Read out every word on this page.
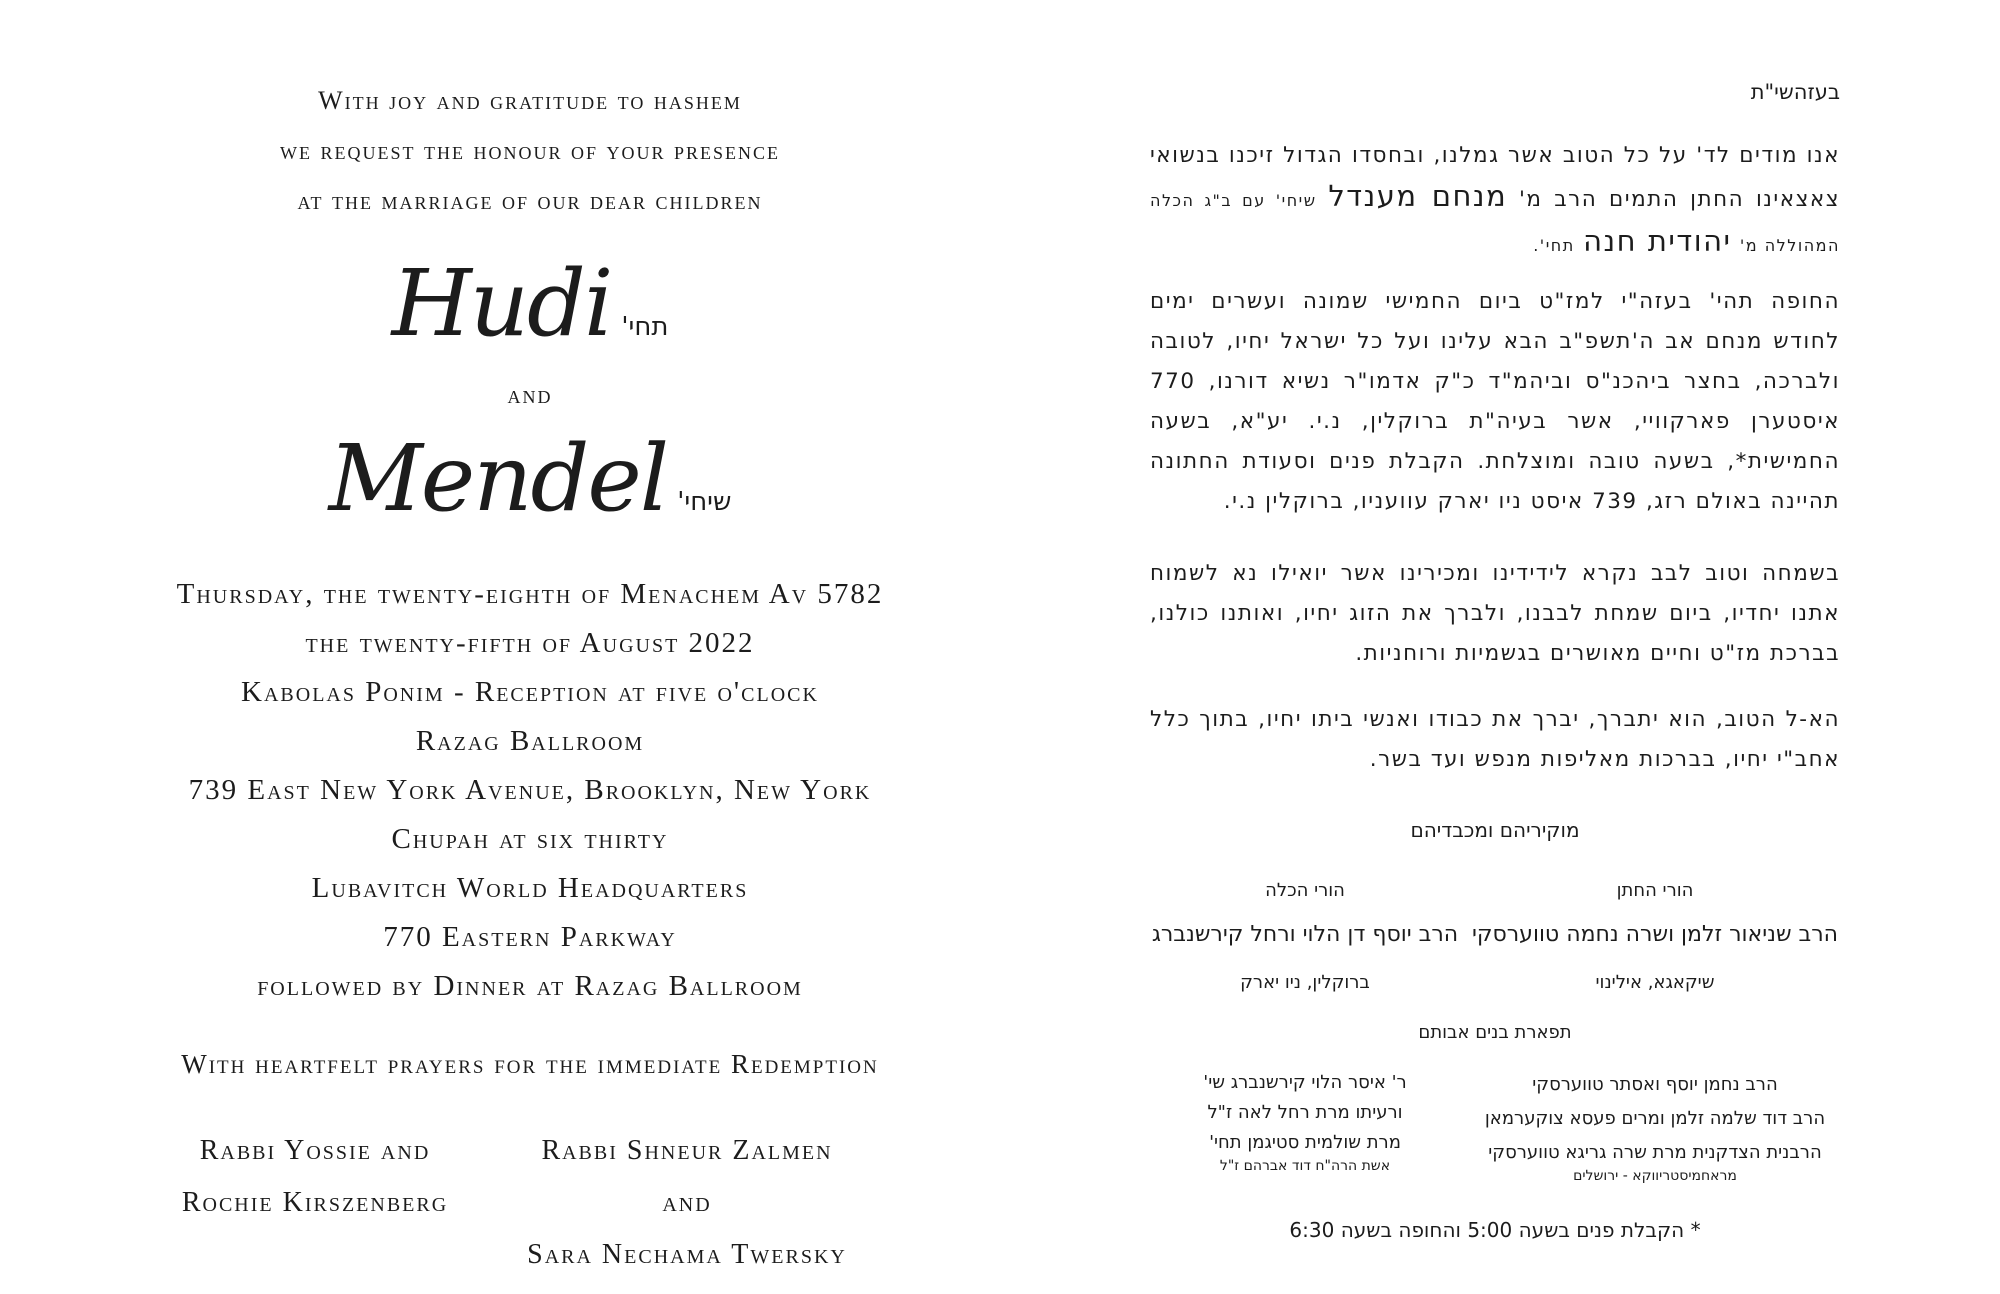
With joy and gratitude to hashem
we request the honour of your presence
at the marriage of our dear children
Hudi תחי'
and
Mendel שיחי'
Thursday, the twenty-eighth of Menachem Av 5782
the twenty-fifth of August 2022
Kabolas Ponim - Reception at five o'clock
Razag Ballroom
739 East New York Avenue, Brooklyn, New York
Chupah at six thirty
Lubavitch World Headquarters
770 Eastern Parkway
followed by Dinner at Razag Ballroom
With heartfelt prayers for the immediate Redemption
Rabbi Yossie and
Rochie Kirszenberg
Rabbi Shneur Zalmen and
Sara Nechama Twersky
בעזהשי"ת
אנו מודים לד' על כל הטוב אשר גמלנו, ובחסדו הגדול זיכנו בנשואי צאצאינו החתן התמים הרב מ' מנחם מענדל שיחי' עם ב"ג הכלה המהוללה מ' יהודית חנה תחי'.
החופה תהי' בעזה"י למז"ט ביום החמישי שמונה ועשרים ימים לחודש מנחם אב ה'תשפ"ב הבא עלינו ועל כל ישראל יחיו, לטובה ולברכה, בחצר ביהכנ"ס וביהמ"ד כ"ק אדמו"ר נשיא דורנו, 770 איסטערן פארקוויי, אשר בעיה"ת ברוקלין, נ.י. יע"א, בשעה החמישית*, בשעה טובה ומוצלחת. הקבלת פנים וסעודת החתונה תהיינה באולם רזג, 739 איסט ניו יארק עוועניו, ברוקלין נ.י.
בשמחה וטוב לבב נקרא לידידינו ומכירינו אשר יואילו נא לשמוח אתנו יחדיו, ביום שמחת לבבנו, ולברך את הזוג יחיו, ואותנו כולנו, בברכת מז"ט וחיים מאושרים בגשמיות ורוחניות.
הא-ל הטוב, הוא יתברך, יברך את כבודו ואנשי ביתו יחיו, בתוך כלל אחב"י יחיו, בברכות מאליפות מנפש ועד בשר.
מוקיריהם ומכבדיהם
הורי החתן
הורי הכלה
הרב שניאור זלמן ושרה נחמה טווערסקי
הרב יוסף דן הלוי ורחל קירשנברג
שיקאגא, אילינוי
ברוקלין, ניו יארק
תפארת בנים אבותם
הרב נחמן יוסף ואסתר טווערסקי
הרב דוד שלמה זלמן ומרים פעסא צוקערמאן
הרבנית הצדקנית מרת שרה גריגא טווערסקי
מראחמיסטריווקא - ירושלים
ר' איסר הלוי קירשנברג שי'
ורעיתו מרת רחל לאה ז"ל
מרת שולמית סטיגמן תחי'
אשת הרה"ח דוד אברהם ז"ל
* הקבלת פנים בשעה 5:00 והחופה בשעה 6:30
